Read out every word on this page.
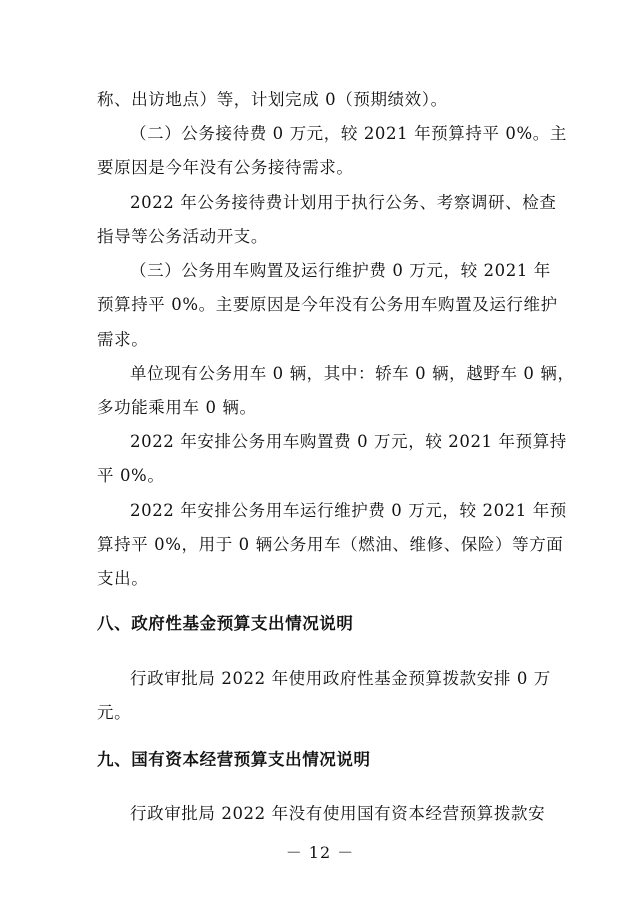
称、出访地点）等，计划完成 0（预期绩效）。
（二）公务接待费 0 万元，较 2021 年预算持平 0%。主
要原因是今年没有公务接待需求。
2022 年公务接待费计划用于执行公务、考察调研、检查
指导等公务活动开支。
（三）公务用车购置及运行维护费 0 万元，较 2021 年
预算持平 0%。主要原因是今年没有公务用车购置及运行维护
需求。
单位现有公务用车 0 辆，其中：轿车 0 辆，越野车 0 辆，
多功能乘用车 0 辆。
2022 年安排公务用车购置费 0 万元，较 2021 年预算持
平 0%。
2022 年安排公务用车运行维护费 0 万元，较 2021 年预
算持平 0%，用于 0 辆公务用车（燃油、维修、保险）等方面
支出。
八、政府性基金预算支出情况说明
行政审批局 2022 年使用政府性基金预算拨款安排 0 万
元。
九、国有资本经营预算支出情况说明
行政审批局 2022 年没有使用国有资本经营预算拨款安
－ 12 －
